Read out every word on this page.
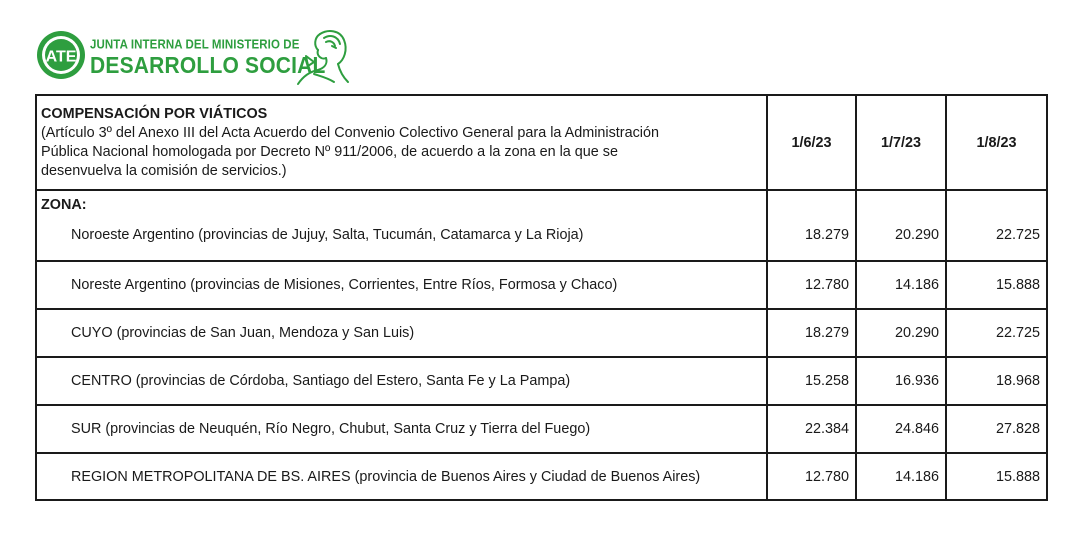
ATE
JUNTA INTERNA DEL MINISTERIO DE
DESARROLLO SOCIAL
COMPENSACIÓN POR VIÁTICOS
(Artículo 3º del Anexo III del Acta Acuerdo del Convenio Colectivo General para la Administración
Pública Nacional homologada por Decreto Nº 911/2006, de acuerdo a la zona en la que se
desenvuelva la comisión de servicios.)	1/6/23	1/7/23	1/8/23

ZONA:
Noroeste Argentino (provincias de Jujuy, Salta, Tucumán, Catamarca y La Rioja)	18.279	20.290	22.725
Noreste Argentino (provincias de Misiones, Corrientes, Entre Ríos, Formosa y Chaco)	12.780	14.186	15.888
CUYO (provincias de San Juan, Mendoza y San Luis)	18.279	20.290	22.725
CENTRO (provincias de Córdoba, Santiago del Estero, Santa Fe y La Pampa)	15.258	16.936	18.968
SUR (provincias de Neuquén, Río Negro, Chubut, Santa Cruz y Tierra del Fuego)	22.384	24.846	27.828
REGION METROPOLITANA DE BS. AIRES (provincia de Buenos Aires y Ciudad de Buenos Aires)	12.780	14.186	15.888
